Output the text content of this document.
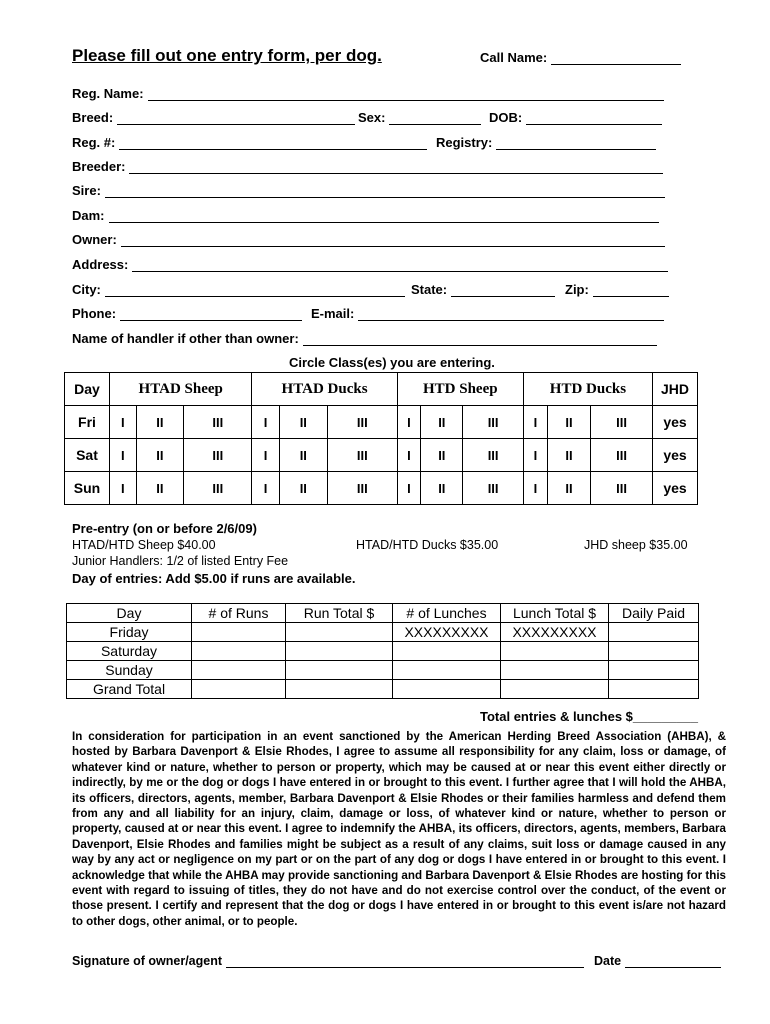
Please fill out one entry form, per dog.	Call Name:
Reg. Name:
Breed:	Sex:	DOB:
Reg. #:	Registry:
Breeder:
Sire:
Dam:
Owner:
Address:
City:	State:	Zip:
Phone:	E-mail:
Name of handler if other than owner:
Circle Class(es) you are entering.
Day	HTAD Sheep			HTAD Ducks			HTD Sheep			HTD Ducks			JHD
Fri	I	II	III	I	II	III	I	II	III	I	II	III	yes
Sat	I	II	III	I	II	III	I	II	III	I	II	III	yes
Sun	I	II	III	I	II	III	I	II	III	I	II	III	yes
Pre-entry (on or before 2/6/09)
HTAD/HTD Sheep $40.00	HTAD/HTD Ducks $35.00	JHD sheep $35.00
Junior Handlers: 1/2 of listed Entry Fee
Day of entries: Add $5.00 if runs are available.
Day	# of Runs	Run Total $	# of Lunches	Lunch Total $	Daily Paid
Friday			XXXXXXXXX	XXXXXXXXX	
Saturday					
Sunday					
Grand Total					
Total entries & lunches $_________
In consideration for participation in an event sanctioned by the American Herding Breed Association (AHBA), & hosted by Barbara Davenport & Elsie Rhodes, I agree to assume all responsibility for any claim, loss or damage, of whatever kind or nature, whether to person or property, which may be caused at or near this event either directly or indirectly, by me or the dog or dogs I have entered in or brought to this event. I further agree that I will hold the AHBA, its officers, directors, agents, member, Barbara Davenport & Elsie Rhodes or their families harmless and defend them from any and all liability for an injury, claim, damage or loss, of whatever kind or nature, whether to person or property, caused at or near this event. I agree to indemnify the AHBA, its officers, directors, agents, members, Barbara Davenport, Elsie Rhodes and families might be subject as a result of any claims, suit loss or damage caused in any way by any act or negligence on my part or on the part of any dog or dogs I have entered in or brought to this event. I acknowledge that while the AHBA may provide sanctioning and Barbara Davenport & Elsie Rhodes are hosting for this event with regard to issuing of titles, they do not have and do not exercise control over the conduct, of the event or those present. I certify and represent that the dog or dogs I have entered in or brought to this event is/are not hazard to other dogs, other animal, or to people.
Signature of owner/agent	Date
